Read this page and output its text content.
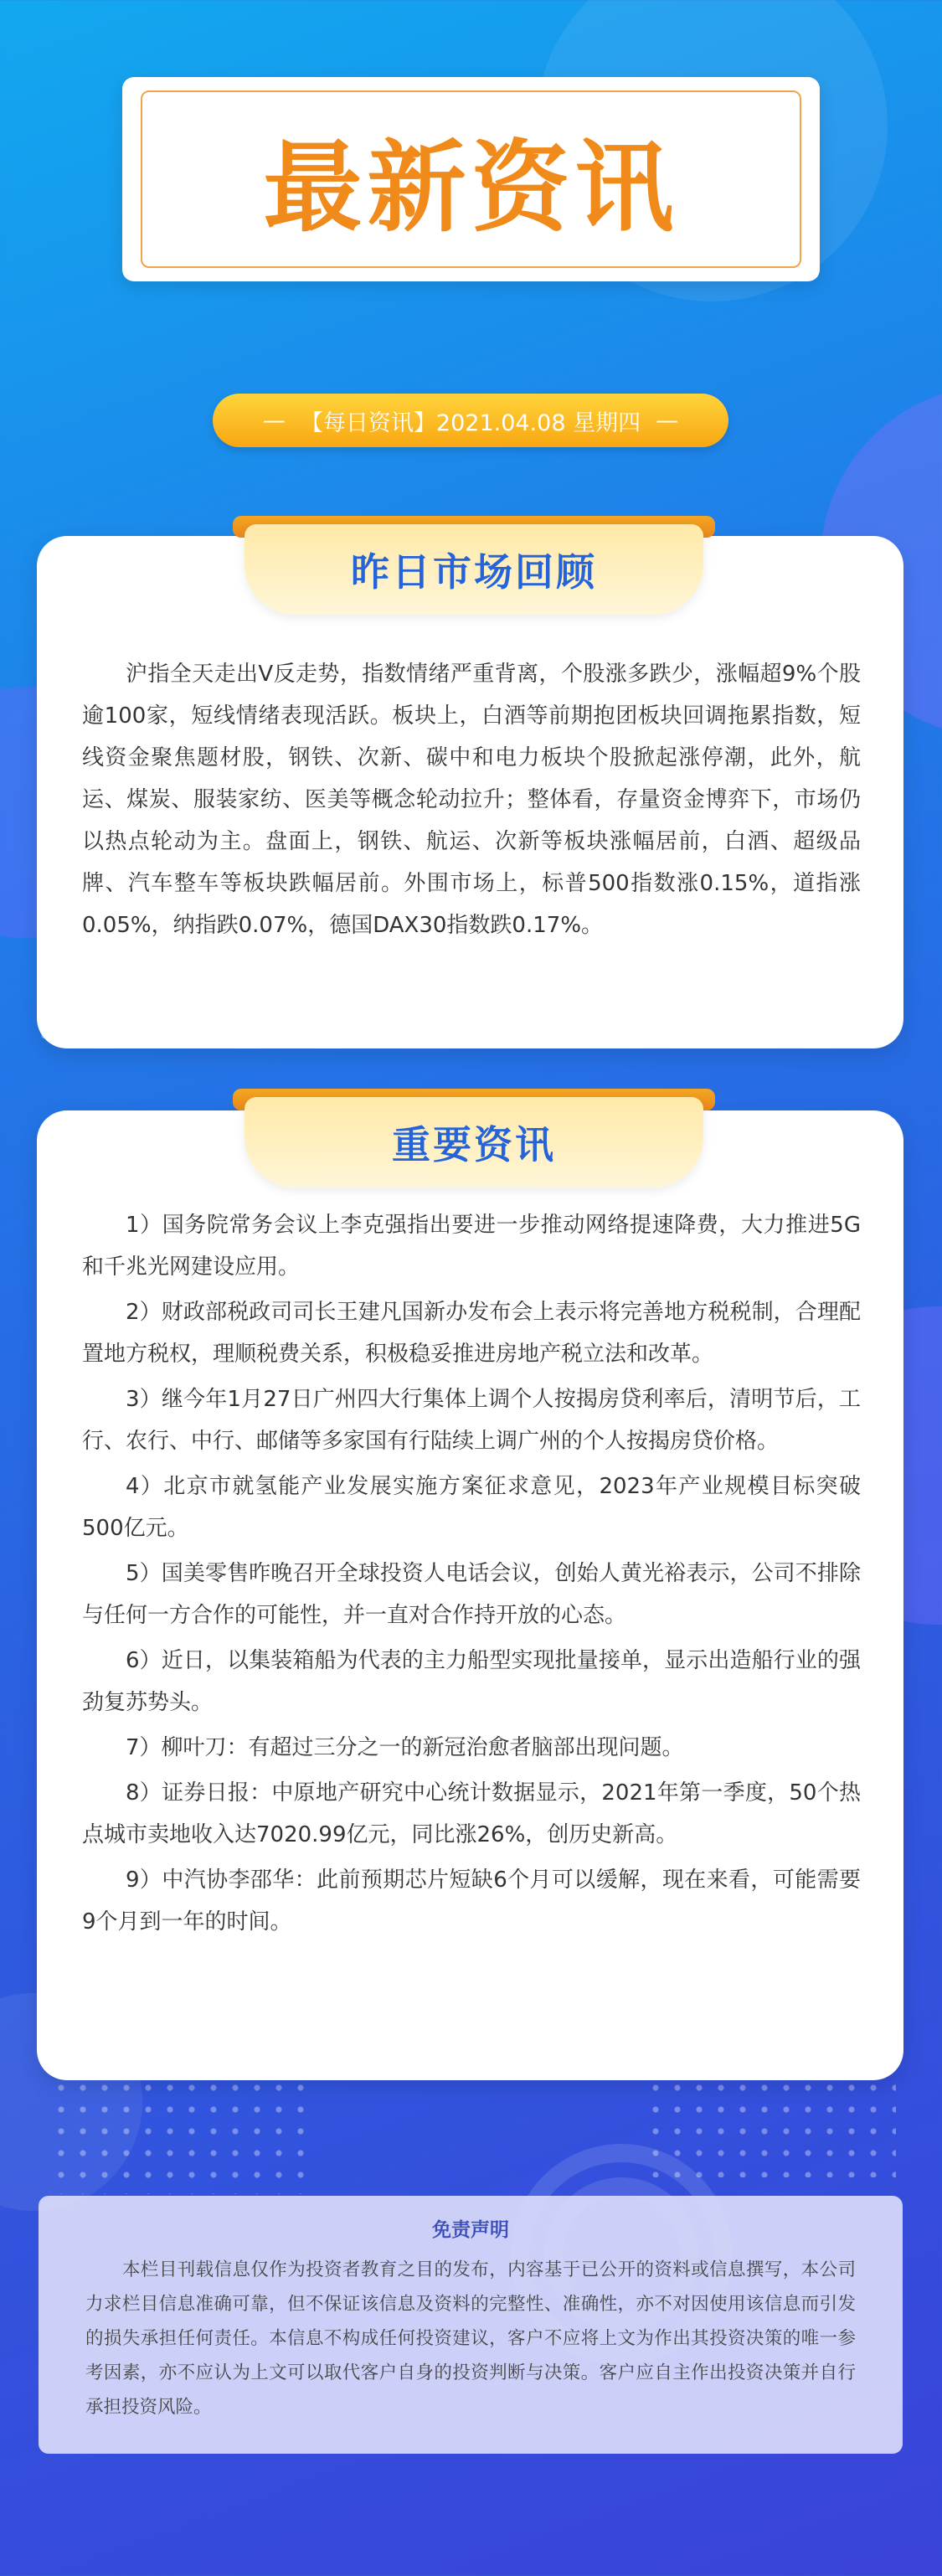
最新资讯
— 【每日资讯】2021.04.08 星期四 —
昨日市场回顾

沪指全天走出V反走势，指数情绪严重背离，个股涨多跌少，涨幅超9%个股逾100家，短线情绪表现活跃。板块上，白酒等前期抱团板块回调拖累指数，短线资金聚焦题材股，钢铁、次新、碳中和电力板块个股掀起涨停潮，此外，航运、煤炭、服装家纺、医美等概念轮动拉升；整体看，存量资金博弈下，市场仍以热点轮动为主。盘面上，钢铁、航运、次新等板块涨幅居前，白酒、超级品牌、汽车整车等板块跌幅居前。外围市场上，标普500指数涨0.15%，道指涨0.05%，纳指跌0.07%，德国DAX30指数跌0.17%。

重要资讯
1）国务院常务会议上李克强指出要进一步推动网络提速降费，大力推进5G和千兆光网建设应用。
2）财政部税政司司长王建凡国新办发布会上表示将完善地方税税制，合理配置地方税权，理顺税费关系，积极稳妥推进房地产税立法和改革。
3）继今年1月27日广州四大行集体上调个人按揭房贷利率后，清明节后，工行、农行、中行、邮储等多家国有行陆续上调广州的个人按揭房贷价格。
4）北京市就氢能产业发展实施方案征求意见，2023年产业规模目标突破500亿元。
5）国美零售昨晚召开全球投资人电话会议，创始人黄光裕表示，公司不排除与任何一方合作的可能性，并一直对合作持开放的心态。
6）近日，以集装箱船为代表的主力船型实现批量接单，显示出造船行业的强劲复苏势头。
7）柳叶刀：有超过三分之一的新冠治愈者脑部出现问题。
8）证券日报：中原地产研究中心统计数据显示，2021年第一季度，50个热点城市卖地收入达7020.99亿元，同比涨26%，创历史新高。
9）中汽协李邵华：此前预期芯片短缺6个月可以缓解，现在来看，可能需要9个月到一年的时间。
免责声明

本栏目刊载信息仅作为投资者教育之目的发布，内容基于已公开的资料或信息撰写，本公司力求栏目信息准确可靠，但不保证该信息及资料的完整性、准确性，亦不对因使用该信息而引发的损失承担任何责任。本信息不构成任何投资建议，客户不应将上文为作出其投资决策的唯一参考因素，亦不应认为上文可以取代客户自身的投资判断与决策。客户应自主作出投资决策并自行承担投资风险。
